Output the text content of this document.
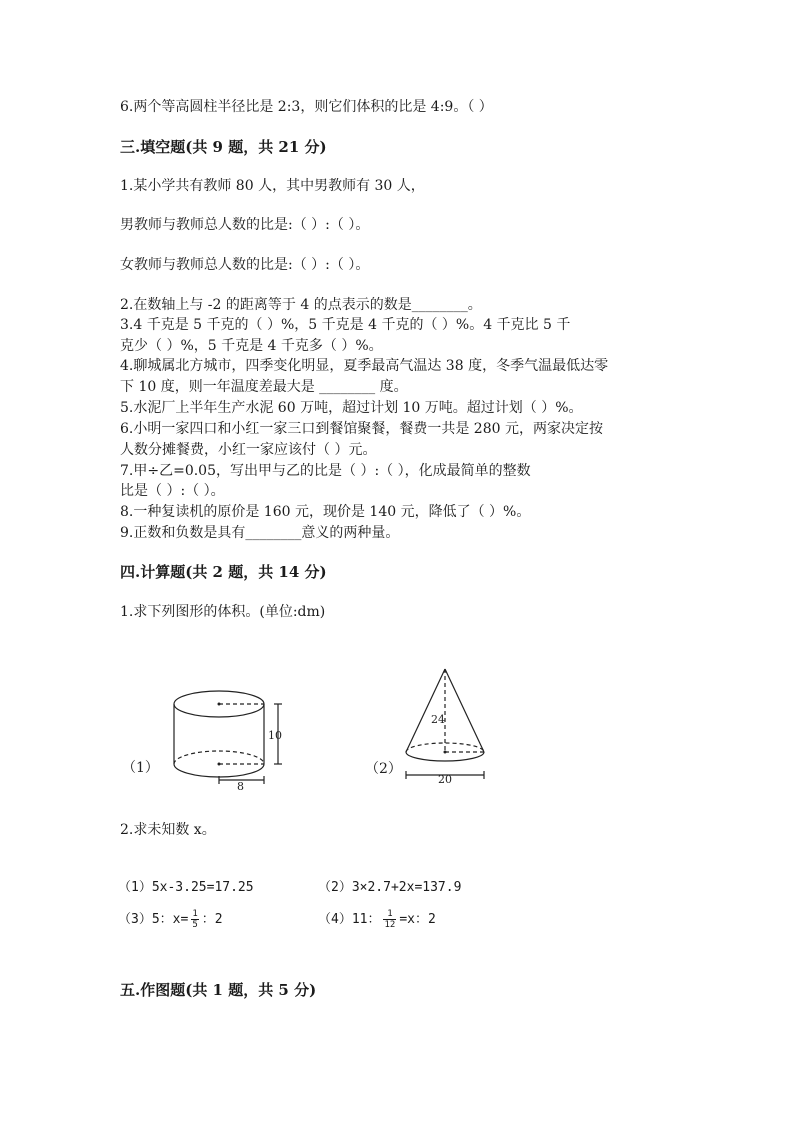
6.两个等高圆柱半径比是 2:3，则它们体积的比是 4:9。（ ）
三.填空题(共 9 题，共 21 分)
1.某小学共有教师 80 人，其中男教师有 30 人，
男教师与教师总人数的比是:（ ）:（ ）。
女教师与教师总人数的比是:（ ）:（ ）。
2.在数轴上与 -2 的距离等于 4 的点表示的数是________。
3.4 千克是 5 千克的（ ）%，5 千克是 4 千克的（ ）%。4 千克比 5 千
克少（ ）%，5 千克是 4 千克多（ ）%。
4.聊城属北方城市，四季变化明显，夏季最高气温达 38 度，冬季气温最低达零
下 10 度，则一年温度差最大是 ________ 度。
5.水泥厂上半年生产水泥 60 万吨，超过计划 10 万吨。超过计划（ ）%。
6.小明一家四口和小红一家三口到餐馆聚餐，餐费一共是 280 元，两家决定按
人数分摊餐费，小红一家应该付（ ）元。
7.甲÷乙=0.05，写出甲与乙的比是（ ）:（ ），化成最简单的整数
比是（ ）:（ ）。
8.一种复读机的原价是 160 元，现价是 140 元，降低了（ ）%。
9.正数和负数是具有________意义的两种量。
四.计算题(共 2 题，共 14 分)
1.求下列图形的体积。(单位:dm)
（1）
10
8
（2）
24
20
2.求未知数 x。
（1）5x-3.25=17.25	（2）3×2.7+2x=137.9
（3）5：$x= \frac{1}{5}$ ：2	（4）11： $\frac{1}{12} =x$：2
五.作图题(共 1 题，共 5 分)
